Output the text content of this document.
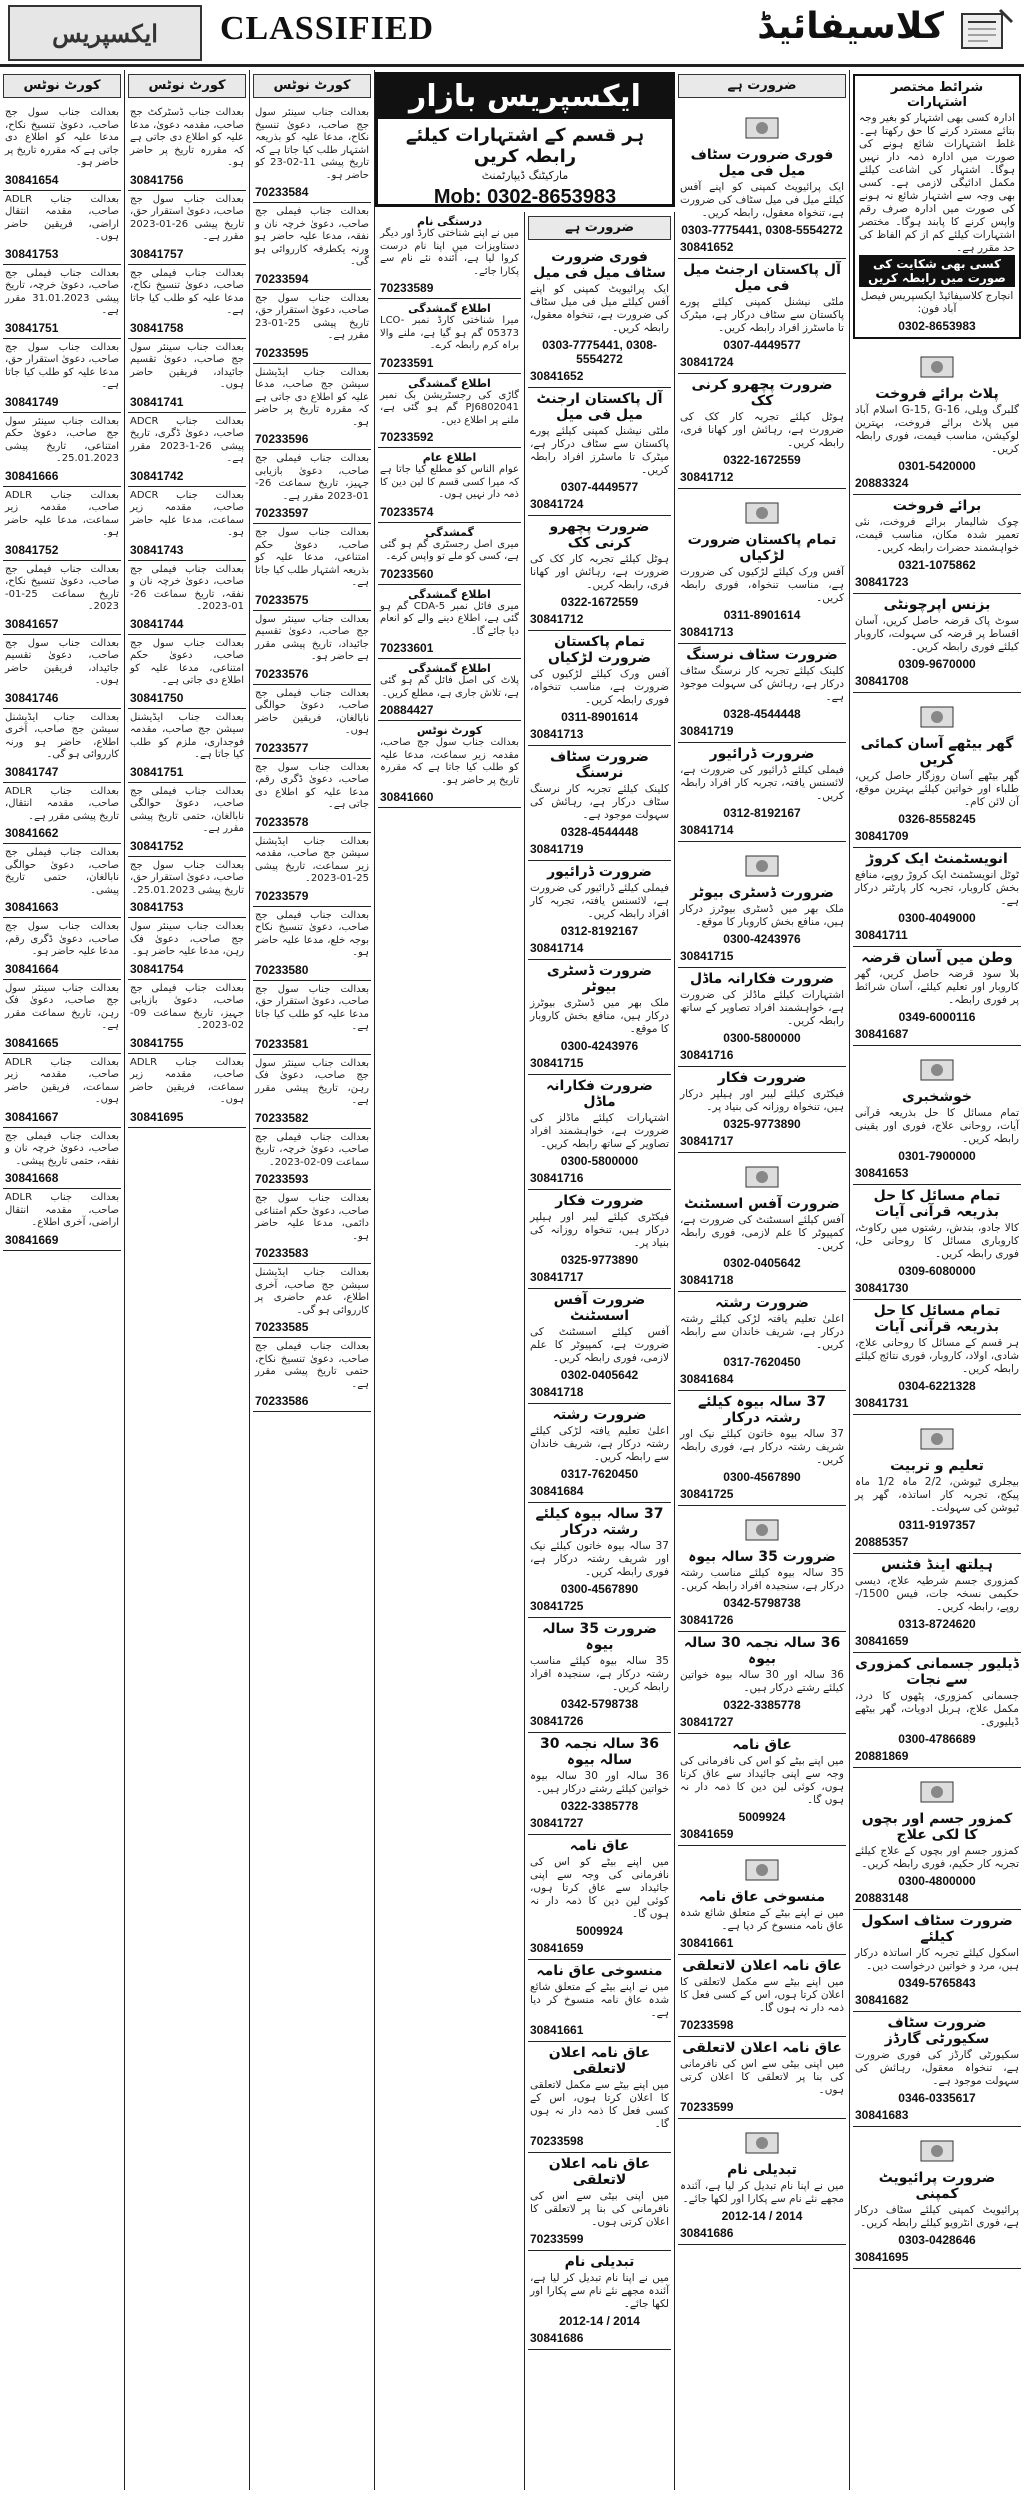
ایکسپریس	CLASSIFIED	کلاسیفائیڈ
ایکسپریس بازار
ہر قسم کے اشتہارات کیلئے رابطہ کریں
مارکیٹنگ ڈیپارٹمنٹ
Mob: 0302-8653983
کورٹ نوٹس
بعدالت جناب سول جج صاحب، دعویٰ تنسیخ نکاح، مدعا علیہ کو اطلاع دی جاتی ہے کہ مقررہ تاریخ پر حاضر ہو۔
30841654
بعدالت جناب ADLR صاحب، مقدمہ انتقال اراضی، فریقین حاضر ہوں۔
30841753
بعدالت جناب فیملی جج صاحب، دعویٰ خرچہ، تاریخ پیشی 31.01.2023 مقرر ہے۔
30841751
بعدالت جناب سول جج صاحب، دعویٰ استقرار حق، مدعا علیہ کو طلب کیا جاتا ہے۔
30841749
بعدالت جناب سینئر سول جج صاحب، دعویٰ حکم امتناعی، تاریخ پیشی 25.01.2023۔
30841666
بعدالت جناب ADLR صاحب، مقدمہ زیر سماعت، مدعا علیہ حاضر ہو۔
30841752
بعدالت جناب فیملی جج صاحب، دعویٰ تنسیخ نکاح، تاریخ سماعت 25-01-2023۔
30841657
بعدالت جناب سول جج صاحب، دعویٰ تقسیم جائیداد، فریقین حاضر ہوں۔
30841746
بعدالت جناب ایڈیشنل سیشن جج صاحب، آخری اطلاع، حاضر ہو ورنہ کارروائی ہو گی۔
30841747
بعدالت جناب ADLR صاحب، مقدمہ انتقال، تاریخ پیشی مقرر ہے۔
30841662
بعدالت جناب فیملی جج صاحب، دعویٰ حوالگی نابالغان، حتمی تاریخ پیشی۔
30841663
بعدالت جناب سول جج صاحب، دعویٰ ڈگری رقم، مدعا علیہ حاضر ہو۔
30841664
بعدالت جناب سینئر سول جج صاحب، دعویٰ فک رہن، تاریخ سماعت مقرر ہے۔
30841665
بعدالت جناب ADLR صاحب، مقدمہ زیر سماعت، فریقین حاضر ہوں۔
30841667
بعدالت جناب فیملی جج صاحب، دعویٰ خرچہ نان و نفقہ، حتمی تاریخ پیشی۔
30841668
بعدالت جناب ADLR صاحب، مقدمہ انتقال اراضی، آخری اطلاع۔
30841669
کورٹ نوٹس
بعدالت جناب ڈسٹرکٹ جج صاحب، مقدمہ دعویٰ، مدعا علیہ کو اطلاع دی جاتی ہے کہ مقررہ تاریخ پر حاضر ہو۔
30841756
بعدالت جناب سول جج صاحب، دعویٰ استقرار حق، تاریخ پیشی 26-01-2023 مقرر ہے۔
30841757
بعدالت جناب فیملی جج صاحب، دعویٰ تنسیخ نکاح، مدعا علیہ کو طلب کیا جاتا ہے۔
30841758
بعدالت جناب سینئر سول جج صاحب، دعویٰ تقسیم جائیداد، فریقین حاضر ہوں۔
30841741
بعدالت جناب ADCR صاحب، دعویٰ ڈگری، تاریخ پیشی 26-1-2023 مقرر ہے۔
30841742
بعدالت جناب ADCR صاحب، مقدمہ زیر سماعت، مدعا علیہ حاضر ہو۔
30841743
بعدالت جناب فیملی جج صاحب، دعویٰ خرچہ نان و نفقہ، تاریخ سماعت 26-01-2023۔
30841744
بعدالت جناب سول جج صاحب، دعویٰ حکم امتناعی، مدعا علیہ کو اطلاع دی جاتی ہے۔
30841750
بعدالت جناب ایڈیشنل سیشن جج صاحب، مقدمہ فوجداری، ملزم کو طلب کیا جاتا ہے۔
30841751
بعدالت جناب فیملی جج صاحب، دعویٰ حوالگی نابالغان، حتمی تاریخ پیشی مقرر ہے۔
30841752
بعدالت جناب سول جج صاحب، دعویٰ استقرار حق، تاریخ پیشی 25.01.2023۔
30841753
بعدالت جناب سینئر سول جج صاحب، دعویٰ فک رہن، مدعا علیہ حاضر ہو۔
30841754
بعدالت جناب فیملی جج صاحب، دعویٰ بازیابی جہیز، تاریخ سماعت 09-02-2023۔
30841755
بعدالت جناب ADLR صاحب، مقدمہ زیر سماعت، فریقین حاضر ہوں۔
30841695
کورٹ نوٹس
بعدالت جناب سینئر سول جج صاحب، دعویٰ تنسیخ نکاح، مدعا علیہ کو بذریعہ اشتہار طلب کیا جاتا ہے کہ تاریخ پیشی 11-02-23 کو حاضر ہو۔
70233584
بعدالت جناب فیملی جج صاحب، دعویٰ خرچہ نان و نفقہ، مدعا علیہ حاضر ہو ورنہ یکطرفہ کارروائی ہو گی۔
70233594
بعدالت جناب سول جج صاحب، دعویٰ استقرار حق، تاریخ پیشی 25-01-23 مقرر ہے۔
70233595
بعدالت جناب ایڈیشنل سیشن جج صاحب، مدعا علیہ کو اطلاع دی جاتی ہے کہ مقررہ تاریخ پر حاضر ہو۔
70233596
بعدالت جناب فیملی جج صاحب، دعویٰ بازیابی جہیز، تاریخ سماعت 26-01-2023 مقرر ہے۔
70233597
بعدالت جناب سول جج صاحب، دعویٰ حکم امتناعی، مدعا علیہ کو بذریعہ اشتہار طلب کیا جاتا ہے۔
70233575
بعدالت جناب سینئر سول جج صاحب، دعویٰ تقسیم جائیداد، تاریخ پیشی مقرر ہے حاضر ہو۔
70233576
بعدالت جناب فیملی جج صاحب، دعویٰ حوالگی نابالغان، فریقین حاضر ہوں۔
70233577
بعدالت جناب سول جج صاحب، دعویٰ ڈگری رقم، مدعا علیہ کو اطلاع دی جاتی ہے۔
70233578
بعدالت جناب ایڈیشنل سیشن جج صاحب، مقدمہ زیر سماعت، تاریخ پیشی 25-01-2023۔
70233579
بعدالت جناب فیملی جج صاحب، دعویٰ تنسیخ نکاح بوجہ خلع، مدعا علیہ حاضر ہو۔
70233580
بعدالت جناب سول جج صاحب، دعویٰ استقرار حق، مدعا علیہ کو طلب کیا جاتا ہے۔
70233581
بعدالت جناب سینئر سول جج صاحب، دعویٰ فک رہن، تاریخ پیشی مقرر ہے۔
70233582
بعدالت جناب فیملی جج صاحب، دعویٰ خرچہ، تاریخ سماعت 09-02-2023۔
70233593
بعدالت جناب سول جج صاحب، دعویٰ حکم امتناعی دائمی، مدعا علیہ حاضر ہو۔
70233583
بعدالت جناب ایڈیشنل سیشن جج صاحب، آخری اطلاع، عدم حاضری پر کارروائی ہو گی۔
70233585
بعدالت جناب فیملی جج صاحب، دعویٰ تنسیخ نکاح، حتمی تاریخ پیشی مقرر ہے۔
70233586
درستگی نام
میں نے اپنے شناختی کارڈ اور دیگر دستاویزات میں اپنا نام درست کروا لیا ہے، آئندہ نئے نام سے پکارا جائے۔
70233589
اطلاع گمشدگی
میرا شناختی کارڈ نمبر LCO-05373 گم ہو گیا ہے، ملنے والا براہ کرم رابطہ کرے۔
70233591
اطلاع گمشدگی
گاڑی کی رجسٹریشن بک نمبر PJ6802041 گم ہو گئی ہے، ملنے پر اطلاع دیں۔
70233592
اطلاع عام
عوام الناس کو مطلع کیا جاتا ہے کہ میرا کسی قسم کا لین دین کا ذمہ دار نہیں ہوں۔
70233574
گمشدگی
میری اصل رجسٹری گم ہو گئی ہے، کسی کو ملے تو واپس کرے۔
70233560
اطلاع گمشدگی
میری فائل نمبر 5-CDA گم ہو گئی ہے، اطلاع دینے والے کو انعام دیا جائے گا۔
70233601
اطلاع گمشدگی
پلاٹ کی اصل فائل گم ہو گئی ہے، تلاش جاری ہے، مطلع کریں۔
20884427
کورٹ نوٹس
بعدالت جناب سول جج صاحب، مقدمہ زیر سماعت، مدعا علیہ کو طلب کیا جاتا ہے کہ مقررہ تاریخ پر حاضر ہو۔
30841660
ضرورت ہے
فوری ضرورت سٹاف میل فی میل
ایک پرائیویٹ کمپنی کو اپنے آفس کیلئے میل فی میل سٹاف کی ضرورت ہے، تنخواہ معقول، رابطہ کریں۔
0303-7775441, 0308-5554272
30841652
آل پاکستان ارجنٹ میل فی میل
ملٹی نیشنل کمپنی کیلئے پورے پاکستان سے سٹاف درکار ہے، میٹرک تا ماسٹرز افراد رابطہ کریں۔
0307-4449577
30841724
ضرورت پچھرو کرنی کک
ہوٹل کیلئے تجربہ کار کک کی ضرورت ہے، رہائش اور کھانا فری، رابطہ کریں۔
0322-1672559
30841712
تمام پاکستان ضرورت لڑکیاں
آفس ورک کیلئے لڑکیوں کی ضرورت ہے، مناسب تنخواہ، فوری رابطہ کریں۔
0311-8901614
30841713
ضرورت سٹاف نرسنگ
کلینک کیلئے تجربہ کار نرسنگ سٹاف درکار ہے، رہائش کی سہولت موجود ہے۔
0328-4544448
30841719
ضرورت ڈرائیور
فیملی کیلئے ڈرائیور کی ضرورت ہے، لائسنس یافتہ، تجربہ کار افراد رابطہ کریں۔
0312-8192167
30841714
ضرورت ڈسٹری بیوٹر
ملک بھر میں ڈسٹری بیوٹرز درکار ہیں، منافع بخش کاروبار کا موقع۔
0300-4243976
30841715
ضرورت فکارانہ ماڈل
اشتہارات کیلئے ماڈلز کی ضرورت ہے، خواہشمند افراد تصاویر کے ساتھ رابطہ کریں۔
0300-5800000
30841716
ضرورت فکار
فیکٹری کیلئے لیبر اور ہیلپر درکار ہیں، تنخواہ روزانہ کی بنیاد پر۔
0325-9773890
30841717
ضرورت آفس اسسٹنٹ
آفس کیلئے اسسٹنٹ کی ضرورت ہے، کمپیوٹر کا علم لازمی، فوری رابطہ کریں۔
0302-0405642
30841718
ضرورت رشتہ
اعلیٰ تعلیم یافتہ لڑکی کیلئے رشتہ درکار ہے، شریف خاندان سے رابطہ کریں۔
0317-7620450
30841684
37 سالہ بیوہ کیلئے رشتہ درکار
37 سالہ بیوہ خاتون کیلئے نیک اور شریف رشتہ درکار ہے، فوری رابطہ کریں۔
0300-4567890
30841725
ضرورت 35 سالہ بیوہ
35 سالہ بیوہ کیلئے مناسب رشتہ درکار ہے، سنجیدہ افراد رابطہ کریں۔
0342-5798738
30841726
36 سالہ نجمہ 30 سالہ بیوہ
36 سالہ اور 30 سالہ بیوہ خواتین کیلئے رشتے درکار ہیں۔
0322-3385778
30841727
عاق نامہ
میں اپنے بیٹے کو اس کی نافرمانی کی وجہ سے اپنی جائیداد سے عاق کرتا ہوں، کوئی لین دین کا ذمہ دار نہ ہوں گا۔
5009924
30841659
منسوخی عاق نامہ
میں نے اپنے بیٹے کے متعلق شائع شدہ عاق نامہ منسوخ کر دیا ہے۔
30841661
عاق نامہ اعلان لاتعلقی
میں اپنے بیٹے سے مکمل لاتعلقی کا اعلان کرتا ہوں، اس کے کسی فعل کا ذمہ دار نہ ہوں گا۔
70233598
عاق نامہ اعلان لاتعلقی
میں اپنی بیٹی سے اس کی نافرمانی کی بنا پر لاتعلقی کا اعلان کرتی ہوں۔
70233599
تبدیلی نام
میں نے اپنا نام تبدیل کر لیا ہے، آئندہ مجھے نئے نام سے پکارا اور لکھا جائے۔
2012-14 / 2014
30841686
ضرورت ہے
فوری ضرورت سٹاف میل فی میل
ایک پرائیویٹ کمپنی کو اپنے آفس کیلئے میل فی میل سٹاف کی ضرورت ہے، تنخواہ معقول، رابطہ کریں۔
0303-7775441, 0308-5554272
30841652
آل پاکستان ارجنٹ میل فی میل
ملٹی نیشنل کمپنی کیلئے پورے پاکستان سے سٹاف درکار ہے، میٹرک تا ماسٹرز افراد رابطہ کریں۔
0307-4449577
30841724
ضرورت پچھرو کرنی کک
ہوٹل کیلئے تجربہ کار کک کی ضرورت ہے، رہائش اور کھانا فری، رابطہ کریں۔
0322-1672559
30841712
تمام پاکستان ضرورت لڑکیاں
آفس ورک کیلئے لڑکیوں کی ضرورت ہے، مناسب تنخواہ، فوری رابطہ کریں۔
0311-8901614
30841713
ضرورت سٹاف نرسنگ
کلینک کیلئے تجربہ کار نرسنگ سٹاف درکار ہے، رہائش کی سہولت موجود ہے۔
0328-4544448
30841719
ضرورت ڈرائیور
فیملی کیلئے ڈرائیور کی ضرورت ہے، لائسنس یافتہ، تجربہ کار افراد رابطہ کریں۔
0312-8192167
30841714
ضرورت ڈسٹری بیوٹر
ملک بھر میں ڈسٹری بیوٹرز درکار ہیں، منافع بخش کاروبار کا موقع۔
0300-4243976
30841715
ضرورت فکارانہ ماڈل
اشتہارات کیلئے ماڈلز کی ضرورت ہے، خواہشمند افراد تصاویر کے ساتھ رابطہ کریں۔
0300-5800000
30841716
ضرورت فکار
فیکٹری کیلئے لیبر اور ہیلپر درکار ہیں، تنخواہ روزانہ کی بنیاد پر۔
0325-9773890
30841717
ضرورت آفس اسسٹنٹ
آفس کیلئے اسسٹنٹ کی ضرورت ہے، کمپیوٹر کا علم لازمی، فوری رابطہ کریں۔
0302-0405642
30841718
ضرورت رشتہ
اعلیٰ تعلیم یافتہ لڑکی کیلئے رشتہ درکار ہے، شریف خاندان سے رابطہ کریں۔
0317-7620450
30841684
37 سالہ بیوہ کیلئے رشتہ درکار
37 سالہ بیوہ خاتون کیلئے نیک اور شریف رشتہ درکار ہے، فوری رابطہ کریں۔
0300-4567890
30841725
ضرورت 35 سالہ بیوہ
35 سالہ بیوہ کیلئے مناسب رشتہ درکار ہے، سنجیدہ افراد رابطہ کریں۔
0342-5798738
30841726
36 سالہ نجمہ 30 سالہ بیوہ
36 سالہ اور 30 سالہ بیوہ خواتین کیلئے رشتے درکار ہیں۔
0322-3385778
30841727
عاق نامہ
میں اپنے بیٹے کو اس کی نافرمانی کی وجہ سے اپنی جائیداد سے عاق کرتا ہوں، کوئی لین دین کا ذمہ دار نہ ہوں گا۔
5009924
30841659
منسوخی عاق نامہ
میں نے اپنے بیٹے کے متعلق شائع شدہ عاق نامہ منسوخ کر دیا ہے۔
30841661
عاق نامہ اعلان لاتعلقی
میں اپنے بیٹے سے مکمل لاتعلقی کا اعلان کرتا ہوں، اس کے کسی فعل کا ذمہ دار نہ ہوں گا۔
70233598
عاق نامہ اعلان لاتعلقی
میں اپنی بیٹی سے اس کی نافرمانی کی بنا پر لاتعلقی کا اعلان کرتی ہوں۔
70233599
تبدیلی نام
میں نے اپنا نام تبدیل کر لیا ہے، آئندہ مجھے نئے نام سے پکارا اور لکھا جائے۔
2012-14 / 2014
30841686
شرائط مختصر اشتہارات
ادارہ کسی بھی اشتہار کو بغیر وجہ بتائے مسترد کرنے کا حق رکھتا ہے۔ غلط اشتہارات شائع ہونے کی صورت میں ادارہ ذمہ دار نہیں ہوگا۔ اشتہار کی اشاعت کیلئے مکمل ادائیگی لازمی ہے۔ کسی بھی وجہ سے اشتہار شائع نہ ہونے کی صورت میں ادارہ صرف رقم واپس کرنے کا پابند ہوگا۔ مختصر اشتہارات کیلئے کم از کم الفاظ کی حد مقرر ہے۔
کسی بھی شکایت کی صورت میں رابطہ کریں
انچارج کلاسیفائیڈ ایکسپریس فیصل آباد فون:
0302-8653983
پلاٹ برائے فروخت
گلبرگ ویلی، G-15, G-16 اسلام آباد میں پلاٹ برائے فروخت، بہترین لوکیشن، مناسب قیمت، فوری رابطہ کریں۔
0301-5420000
20883324
برائے فروخت
چوک شالیمار برائے فروخت، نئی تعمیر شدہ مکان، مناسب قیمت، خواہشمند حضرات رابطہ کریں۔
0321-1075862
30841723
بزنس اپرچونٹی
سوٹ پاک قرضہ حاصل کریں، آسان اقساط پر قرضہ کی سہولت، کاروبار کیلئے فوری رابطہ کریں۔
0309-9670000
30841708
گھر بیٹھے آسان کمائی کریں
گھر بیٹھے آسان روزگار حاصل کریں، طلباء اور خواتین کیلئے بہترین موقع، آن لائن کام۔
0326-8558245
30841709
انویسٹمنٹ ایک کروڑ
ٹوٹل انویسٹمنٹ ایک کروڑ روپے، منافع بخش کاروبار، تجربہ کار پارٹنر درکار ہے۔
0300-4049000
30841711
وطن میں آسان قرضہ
بلا سود قرضہ حاصل کریں، گھر کاروبار اور تعلیم کیلئے، آسان شرائط پر فوری رابطہ۔
0349-6000116
30841687
خوشخبری
تمام مسائل کا حل بذریعہ قرآنی آیات، روحانی علاج، فوری اور یقینی رابطہ کریں۔
0301-7900000
30841653
تمام مسائل کا حل بذریعہ قرآنی آیات
کالا جادو، بندش، رشتوں میں رکاوٹ، کاروباری مسائل کا روحانی حل، فوری رابطہ کریں۔
0309-6080000
30841730
تمام مسائل کا حل بذریعہ قرآنی آیات
ہر قسم کے مسائل کا روحانی علاج، شادی، اولاد، کاروبار، فوری نتائج کیلئے رابطہ کریں۔
0304-6221328
30841731
تعلیم و تربیت
بیجلری ٹیوشن، 2/2 ماہ 1/2 ماہ پیکج، تجربہ کار اساتذہ، گھر پر ٹیوشن کی سہولت۔
0311-9197357
20885357
ہیلتھ اینڈ فٹنس
کمزوری جسم شرطیہ علاج، دیسی حکیمی نسخہ جات، فیس 1500/- روپے، رابطہ کریں۔
0313-8724620
30841659
ڈیلیور جسمانی کمزوری سے نجات
جسمانی کمزوری، پٹھوں کا درد، مکمل علاج، ہربل ادویات، گھر بیٹھے ڈیلیوری۔
0300-4786689
20881869
کمزور جسم اور بچوں کا لکی علاج
کمزور جسم اور بچوں کے علاج کیلئے تجربہ کار حکیم، فوری رابطہ کریں۔
0300-4800000
20883148
ضرورت سٹاف اسکول کیلئے
اسکول کیلئے تجربہ کار اساتذہ درکار ہیں، مرد و خواتین درخواست دیں۔
0349-5765843
30841682
ضرورت سٹاف سکیورٹی گارڈز
سکیورٹی گارڈز کی فوری ضرورت ہے، تنخواہ معقول، رہائش کی سہولت موجود ہے۔
0346-0335617
30841683
ضرورت پرائیویٹ کمپنی
پرائیویٹ کمپنی کیلئے سٹاف درکار ہے، فوری انٹرویو کیلئے رابطہ کریں۔
0303-0428646
30841695
